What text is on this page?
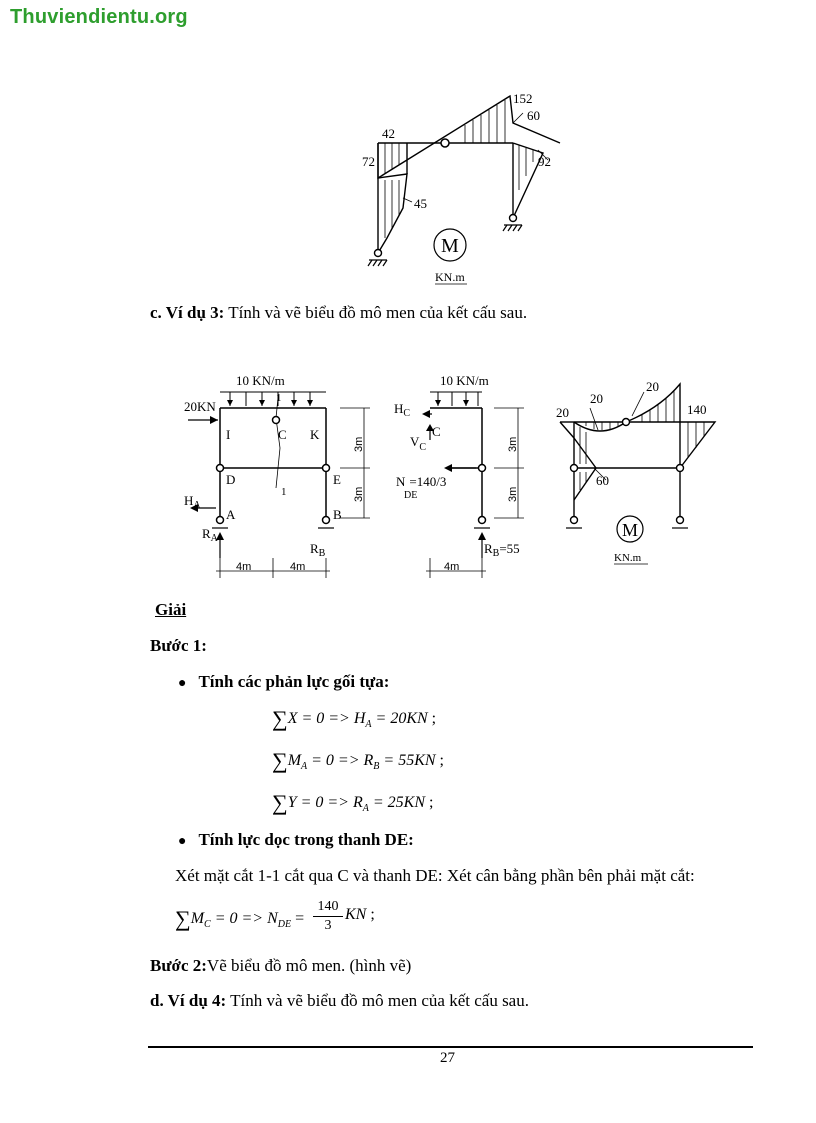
Thuviendientu.org
152
60
42
72	92
45
M
KN.m
c. Ví dụ 3: Tính và vẽ biểu đồ mô men của kết cấu sau.
10 KN/m
20KN
1
I	C K
D	E
1
A	B
$H_A$
$R_A$
$R_B$
3m
3m
4m	4m
10 KN/m
$H_C$
C
$V_C$
N =140/3
DE
$R_B=55$
3m
3m
4m
20
20
20
140
60
M
KN.m
Giải
Bước 1:
● Tính các phản lực gối tựa:
$\sum X = 0 => H_A = 20KN$ ;
$\sum M_A = 0 => R_B = 55KN$ ;
$\sum Y = 0 => R_A = 25KN$ ;
● Tính lực dọc trong thanh DE:
Xét mặt cắt 1-1 cắt qua C và thanh DE: Xét cân bằng phần bên phải mặt cắt:
$\sum M_C = 0 => N_{DE}$ =
140
3
KN ;
Bước 2:Vẽ biểu đồ mô men. (hình vẽ)
d. Ví dụ 4: Tính và vẽ biểu đồ mô men của kết cấu sau.
27
